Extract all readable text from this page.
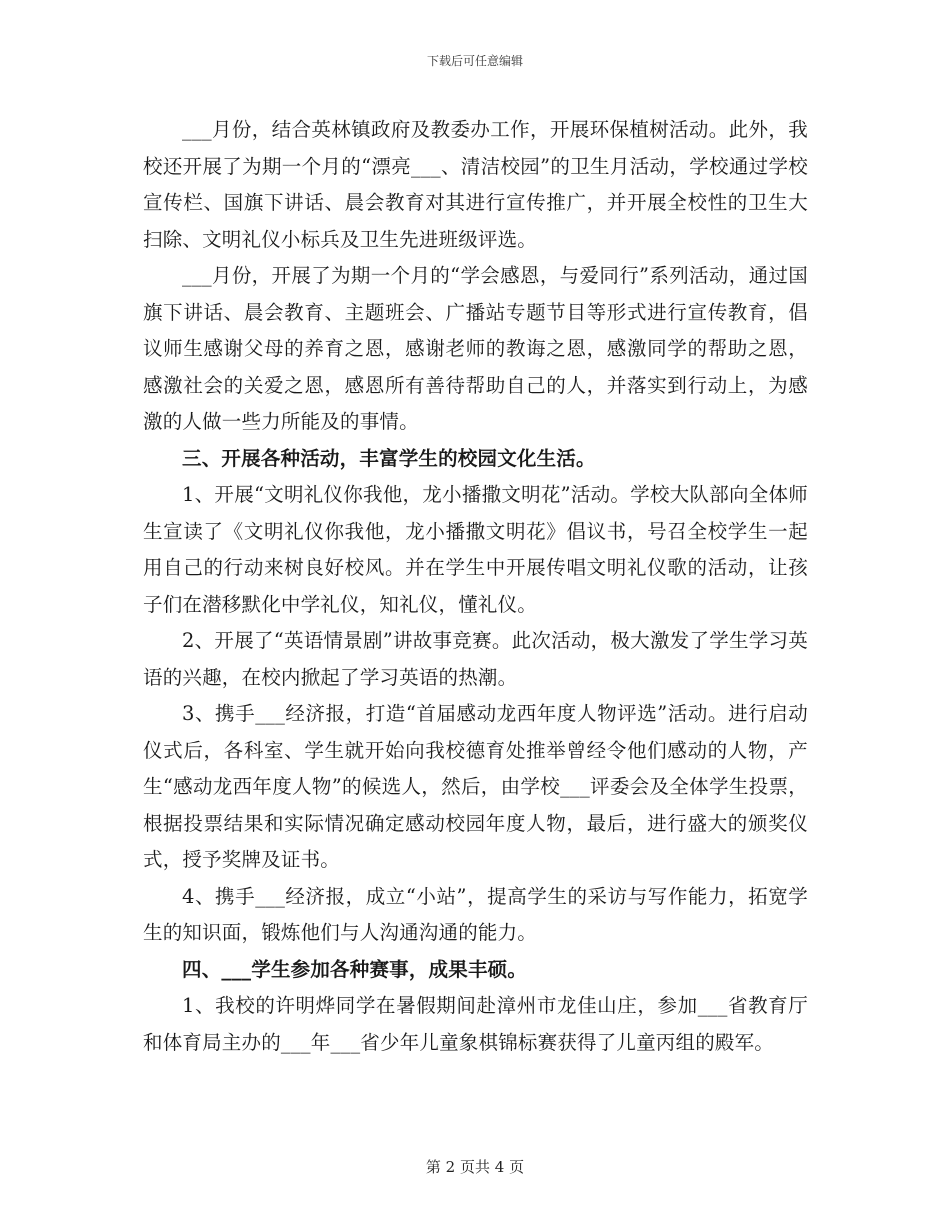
下载后可任意编辑

___月份，结合英林镇政府及教委办工作，开展环保植树活动。此外，我校还开展了为期一个月的“漂亮___、清洁校园”的卫生月活动，学校通过学校宣传栏、国旗下讲话、晨会教育对其进行宣传推广，并开展全校性的卫生大扫除、文明礼仪小标兵及卫生先进班级评选。

___月份，开展了为期一个月的“学会感恩，与爱同行”系列活动，通过国旗下讲话、晨会教育、主题班会、广播站专题节目等形式进行宣传教育，倡议师生感谢父母的养育之恩，感谢老师的教诲之恩，感激同学的帮助之恩，感激社会的关爱之恩，感恩所有善待帮助自己的人，并落实到行动上，为感激的人做一些力所能及的事情。

三、开展各种活动，丰富学生的校园文化生活。

1、开展“文明礼仪你我他，龙小播撒文明花”活动。学校大队部向全体师生宣读了《文明礼仪你我他，龙小播撒文明花》倡议书，号召全校学生一起用自己的行动来树良好校风。并在学生中开展传唱文明礼仪歌的活动，让孩子们在潜移默化中学礼仪，知礼仪，懂礼仪。

2、开展了“英语情景剧”讲故事竞赛。此次活动，极大激发了学生学习英语的兴趣，在校内掀起了学习英语的热潮。

3、携手___经济报，打造“首届感动龙西年度人物评选”活动。进行启动仪式后，各科室、学生就开始向我校德育处推举曾经令他们感动的人物，产生“感动龙西年度人物”的候选人，然后，由学校___评委会及全体学生投票，根据投票结果和实际情况确定感动校园年度人物，最后，进行盛大的颁奖仪式，授予奖牌及证书。

4、携手___经济报，成立“小站”，提高学生的采访与写作能力，拓宽学生的知识面，锻炼他们与人沟通沟通的能力。

四、___学生参加各种赛事，成果丰硕。

1、我校的许明烨同学在暑假期间赴漳州市龙佳山庄，参加___省教育厅和体育局主办的___年___省少年儿童象棋锦标赛获得了儿童丙组的殿军。

第 2 页共 4 页
